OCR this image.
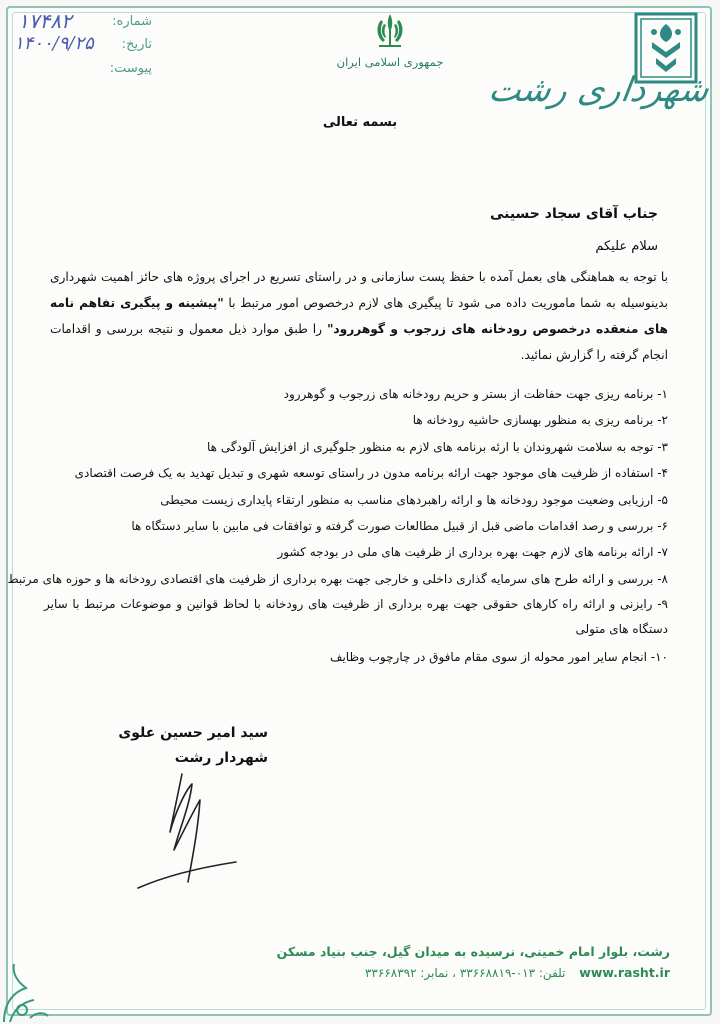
شماره:
تاریخ:
پیوست:
۱۷۴۸۲
۱۴۰۰/۹/۲۵
جمهوری اسلامی ایران
شهرداری رشت
بسمه تعالی
جناب آقای سجاد حسینی
سلام علیکم
با توجه به هماهنگی های بعمل آمده با حفظ پست سازمانی و در راستای تسریع در اجرای پروژه های حائز اهمیت شهرداری بدینوسیله به شما ماموریت داده می شود تا پیگیری های لازم درخصوص امور مرتبط با "پیشینه و پیگیری تفاهم نامه های منعقده درخصوص رودخانه های زرجوب و گوهررود" را طبق موارد ذیل معمول و نتیجه بررسی و اقدامات انجام گرفته را گزارش نمائید.
۱- برنامه ریزی جهت حفاظت از بستر و حریم رودخانه های زرجوب و گوهررود
۲- برنامه ریزی به منظور بهسازی حاشیه رودخانه ها
۳- توجه به سلامت شهروندان با ارئه برنامه های لازم به منظور جلوگیری از افزایش آلودگی ها
۴- استفاده از ظرفیت های موجود جهت ارائه برنامه مدون در راستای توسعه شهری و تبدیل تهدید به یک فرصت اقتصادی
۵- ارزیابی وضعیت موجود رودخانه ها و ارائه راهبردهای مناسب به منظور ارتقاء پایداری زیست محیطی
۶- بررسی و رصد اقدامات ماضی قبل از قبیل مطالعات صورت گرفته و توافقات فی مابین با سایر دستگاه ها
۷- ارائه برنامه های لازم جهت بهره برداری از ظرفیت های ملی در بودجه کشور
۸- بررسی و ارائه طرح های سرمایه گذاری داخلی و خارجی جهت بهره برداری از ظرفیت های اقتصادی رودخانه ها و حوزه های مرتبط
۹- رایزنی و ارائه راه کارهای حقوقی جهت بهره برداری از ظرفیت های رودخانه با لحاظ قوانین و موضوعات مرتبط با سایر دستگاه های متولی
۱۰- انجام سایر امور محوله از سوی مقام مافوق در چارچوب وظایف
سید امیر حسین علوی
شهردار رشت
رشت، بلوار امام خمینی، نرسیده به میدان گیل، جنب بنیاد مسکن
www.rasht.ir تلفن: ۰۱۳-۳۳۶۶۸۸۱۹ ، نمابر: ۳۳۶۶۸۳۹۲
